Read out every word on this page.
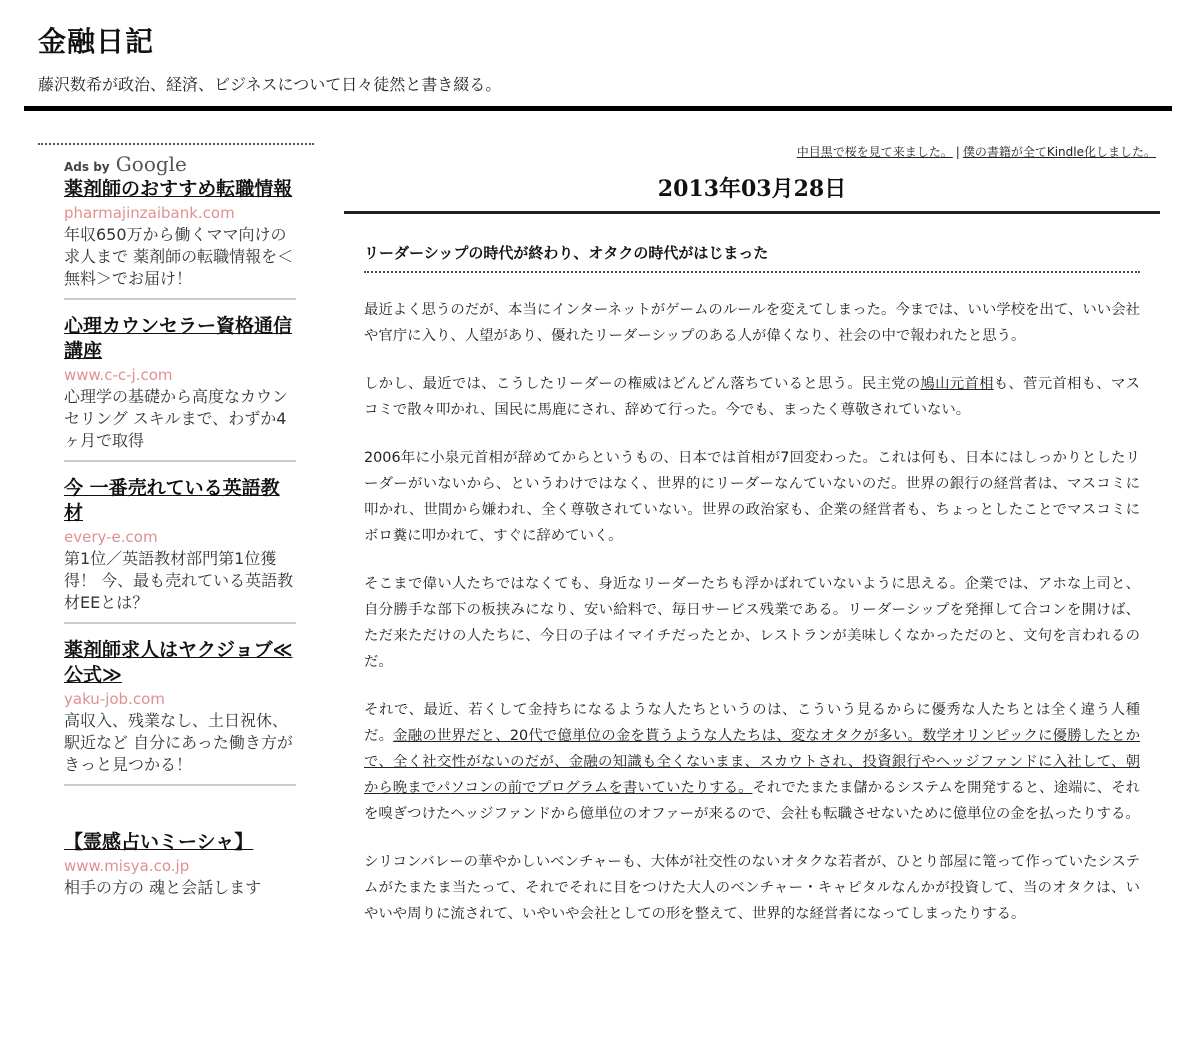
金融日記
藤沢数希が政治、経済、ビジネスについて日々徒然と書き綴る。
Ads by Google
薬剤師のおすすめ転職情報
pharmajinzaibank.com
年収650万から働くママ向けの求人まで 薬剤師の転職情報を＜無料＞でお届け！
心理カウンセラー資格通信講座
www.c-c-j.com
心理学の基礎から高度なカウンセリング スキルまで、わずか4ヶ月で取得
今 一番売れている英語教材
every-e.com
第1位／英語教材部門第1位獲得！ 今、最も売れている英語教材EEとは？
薬剤師求人はヤクジョブ≪公式≫
yaku-job.com
高収入、残業なし、土日祝休、駅近など 自分にあった働き方がきっと見つかる！
【霊感占いミーシャ】
www.misya.co.jp
相手の方の 魂と会話します
中目黒で桜を見て来ました。 | 僕の書籍が全てKindle化しました。
2013年03月28日
リーダーシップの時代が終わり、オタクの時代がはじまった

最近よく思うのだが、本当にインターネットがゲームのルールを変えてしまった。今までは、いい学校を出て、いい会社や官庁に入り、人望があり、優れたリーダーシップのある人が偉くなり、社会の中で報われたと思う。

しかし、最近では、こうしたリーダーの権威はどんどん落ちていると思う。民主党の鳩山元首相も、菅元首相も、マスコミで散々叩かれ、国民に馬鹿にされ、辞めて行った。今でも、まったく尊敬されていない。

2006年に小泉元首相が辞めてからというもの、日本では首相が7回変わった。これは何も、日本にはしっかりとしたリーダーがいないから、というわけではなく、世界的にリーダーなんていないのだ。世界の銀行の経営者は、マスコミに叩かれ、世間から嫌われ、全く尊敬されていない。世界の政治家も、企業の経営者も、ちょっとしたことでマスコミにボロ糞に叩かれて、すぐに辞めていく。

そこまで偉い人たちではなくても、身近なリーダーたちも浮かばれていないように思える。企業では、アホな上司と、自分勝手な部下の板挟みになり、安い給料で、毎日サービス残業である。リーダーシップを発揮して合コンを開けば、ただ来ただけの人たちに、今日の子はイマイチだったとか、レストランが美味しくなかっただのと、文句を言われるのだ。

それで、最近、若くして金持ちになるような人たちというのは、こういう見るからに優秀な人たちとは全く違う人種だ。金融の世界だと、20代で億単位の金を貰うような人たちは、変なオタクが多い。数学オリンピックに優勝したとかで、全く社交性がないのだが、金融の知識も全くないまま、スカウトされ、投資銀行やヘッジファンドに入社して、朝から晩までパソコンの前でプログラムを書いていたりする。それでたまたま儲かるシステムを開発すると、途端に、それを嗅ぎつけたヘッジファンドから億単位のオファーが来るので、会社も転職させないために億単位の金を払ったりする。

シリコンバレーの華やかしいベンチャーも、大体が社交性のないオタクな若者が、ひとり部屋に篭って作っていたシステムがたまたま当たって、それでそれに目をつけた大人のベンチャー・キャピタルなんかが投資して、当のオタクは、いやいや周りに流されて、いやいや会社としての形を整えて、世界的な経営者になってしまったりする。
